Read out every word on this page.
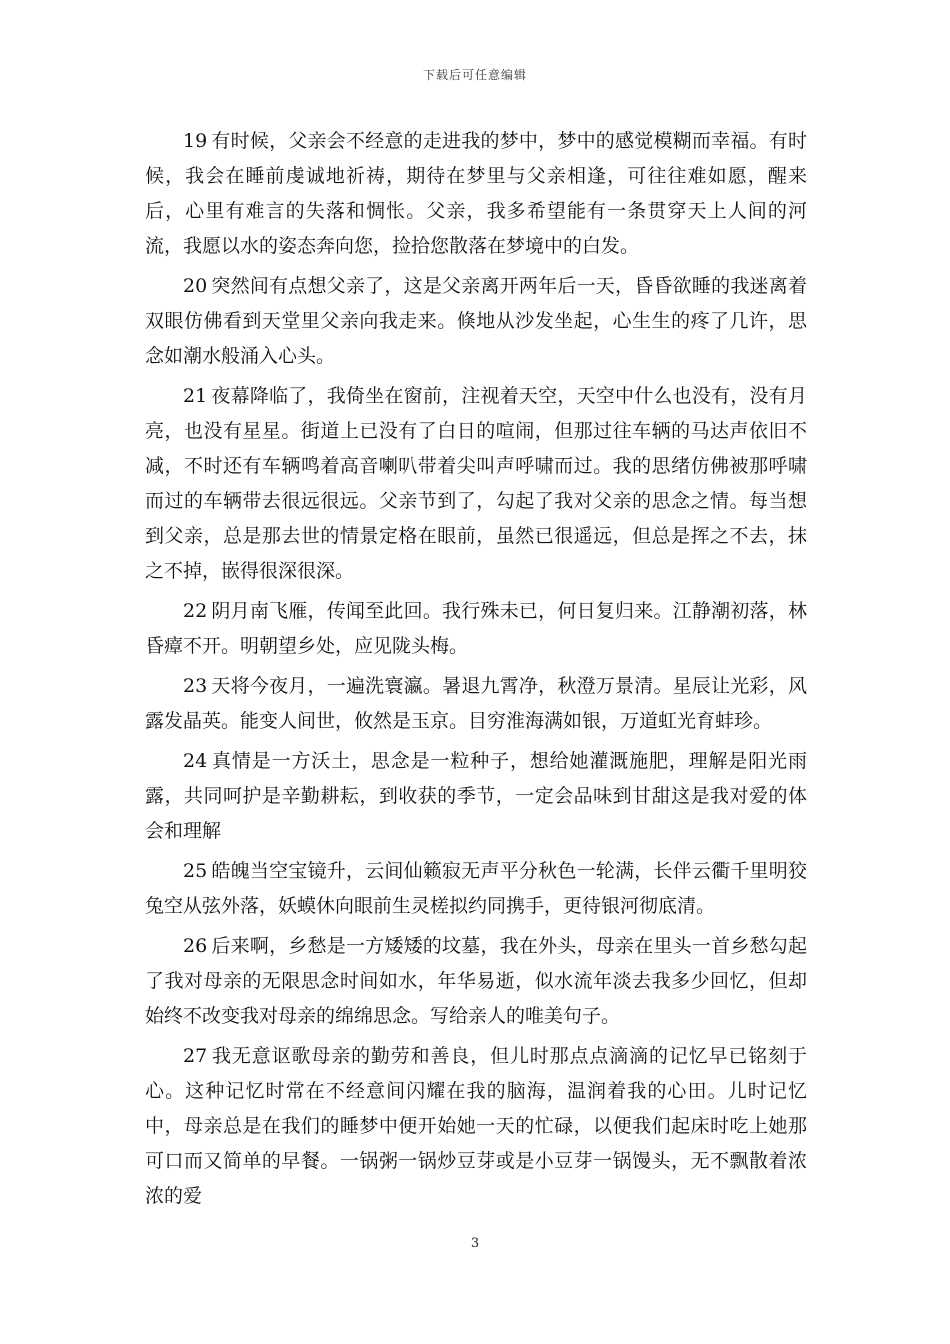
下载后可任意编辑

19 有时候，父亲会不经意的走进我的梦中，梦中的感觉模糊而幸福。有时候，我会在睡前虔诚地祈祷，期待在梦里与父亲相逢，可往往难如愿，醒来后，心里有难言的失落和惆怅。父亲，我多希望能有一条贯穿天上人间的河流，我愿以水的姿态奔向您，捡拾您散落在梦境中的白发。

20 突然间有点想父亲了，这是父亲离开两年后一天，昏昏欲睡的我迷离着双眼仿佛看到天堂里父亲向我走来。倏地从沙发坐起，心生生的疼了几许，思念如潮水般涌入心头。

21 夜幕降临了，我倚坐在窗前，注视着天空，天空中什么也没有，没有月亮，也没有星星。街道上已没有了白日的喧闹，但那过往车辆的马达声依旧不减，不时还有车辆鸣着高音喇叭带着尖叫声呼啸而过。我的思绪仿佛被那呼啸而过的车辆带去很远很远。父亲节到了，勾起了我对父亲的思念之情。每当想到父亲，总是那去世的情景定格在眼前，虽然已很遥远，但总是挥之不去，抹之不掉，嵌得很深很深。

22 阴月南飞雁，传闻至此回。我行殊未已，何日复归来。江静潮初落，林昏瘴不开。明朝望乡处，应见陇头梅。

23 天将今夜月，一遍洗寰瀛。暑退九霄净，秋澄万景清。星辰让光彩，风露发晶英。能变人间世，攸然是玉京。目穷淮海满如银，万道虹光育蚌珍。

24 真情是一方沃土，思念是一粒种子，想给她灌溉施肥，理解是阳光雨露，共同呵护是辛勤耕耘，到收获的季节，一定会品味到甘甜这是我对爱的体会和理解

25 皓魄当空宝镜升，云间仙籁寂无声平分秋色一轮满，长伴云衢千里明狡兔空从弦外落，妖蟆休向眼前生灵槎拟约同携手，更待银河彻底清。

26 后来啊，乡愁是一方矮矮的坟墓，我在外头，母亲在里头一首乡愁勾起了我对母亲的无限思念时间如水，年华易逝，似水流年淡去我多少回忆，但却始终不改变我对母亲的绵绵思念。写给亲人的唯美句子。

27 我无意讴歌母亲的勤劳和善良，但儿时那点点滴滴的记忆早已铭刻于心。这种记忆时常在不经意间闪耀在我的脑海，温润着我的心田。儿时记忆中，母亲总是在我们的睡梦中便开始她一天的忙碌，以便我们起床时吃上她那可口而又简单的早餐。一锅粥一锅炒豆芽或是小豆芽一锅馒头，无不飘散着浓浓的爱

3
